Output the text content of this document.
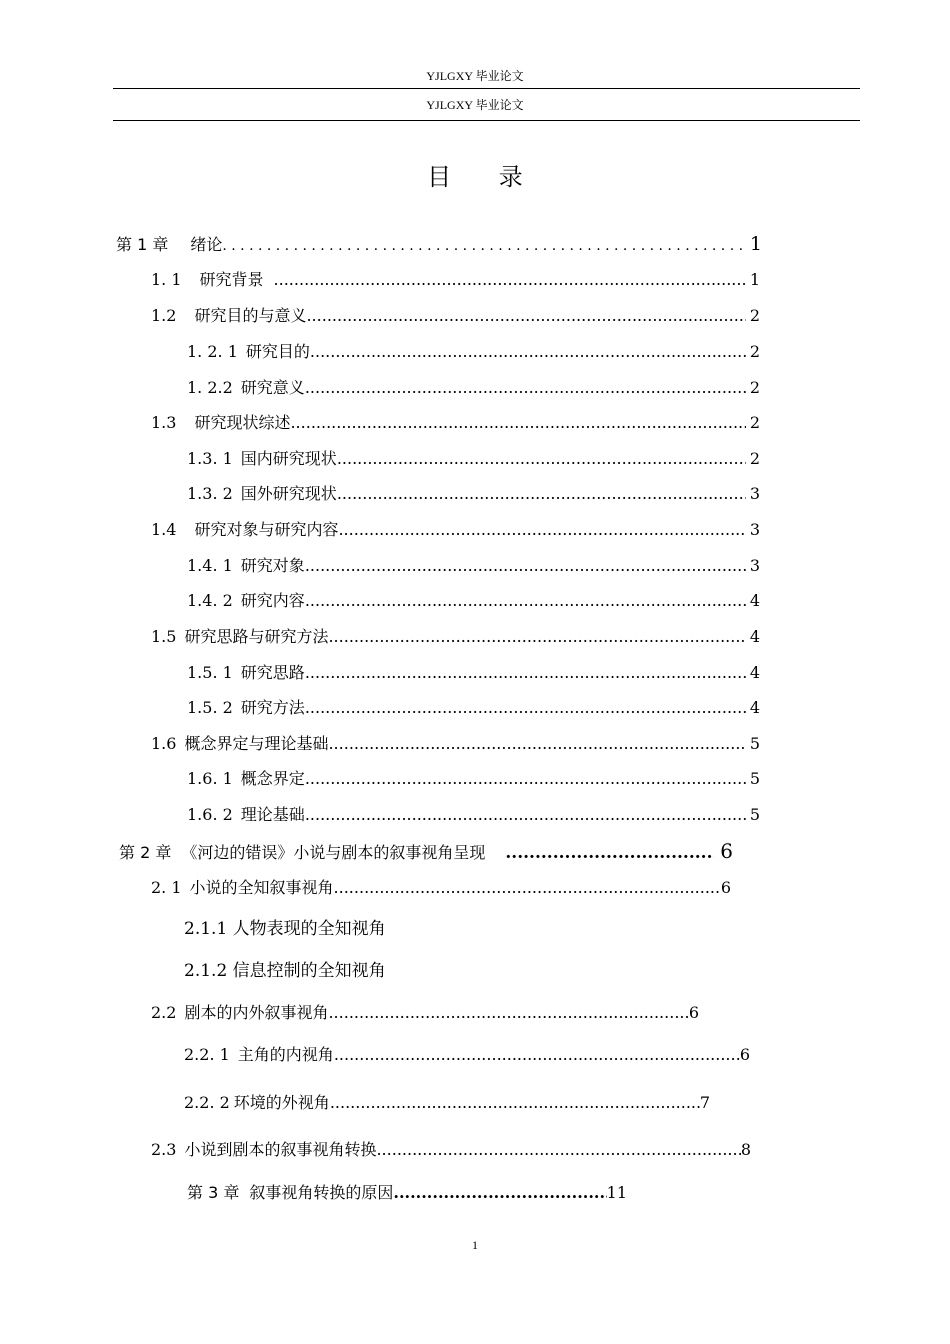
YJLGXY 毕业论文
YJLGXY 毕业论文
目 录
第 1 章 绪论 . . .	1
1. 1 研究背景 .....	1
1.2 研究目的与意义 .....	2
1. 2. 1 研究目的 .....	2
1. 2.2 研究意义 .....	2
1.3 研究现状综述 .....	2
1.3. 1 国内研究现状 .....	2
1.3. 2 国外研究现状 .....	3
1.4 研究对象与研究内容 .....	3
1.4. 1 研究对象 .....	3
1.4. 2 研究内容 .....	4
1.5 研究思路与研究方法 .....	4
1.5. 1 研究思路 .....	4
1.5. 2 研究方法 .....	4
1.6 概念界定与理论基础 .....	5
1.6. 1 概念界定 .....	5
1.6. 2 理论基础 .....	5
第 2 章 《河边的错误》小说与剧本的叙事视角呈现 .....	6
2. 1 小说的全知叙事视角 .....	6
2.1.1 人物表现的全知视角
2.1.2 信息控制的全知视角
2.2 剧本的内外叙事视角 .....	6
2.2. 1 主角的内视角 .....	6
2.2. 2 环境的外视角 .....	7
2.3 小说到剧本的叙事视角转换 .....	8
第 3 章 叙事视角转换的原因 .....	11
1
